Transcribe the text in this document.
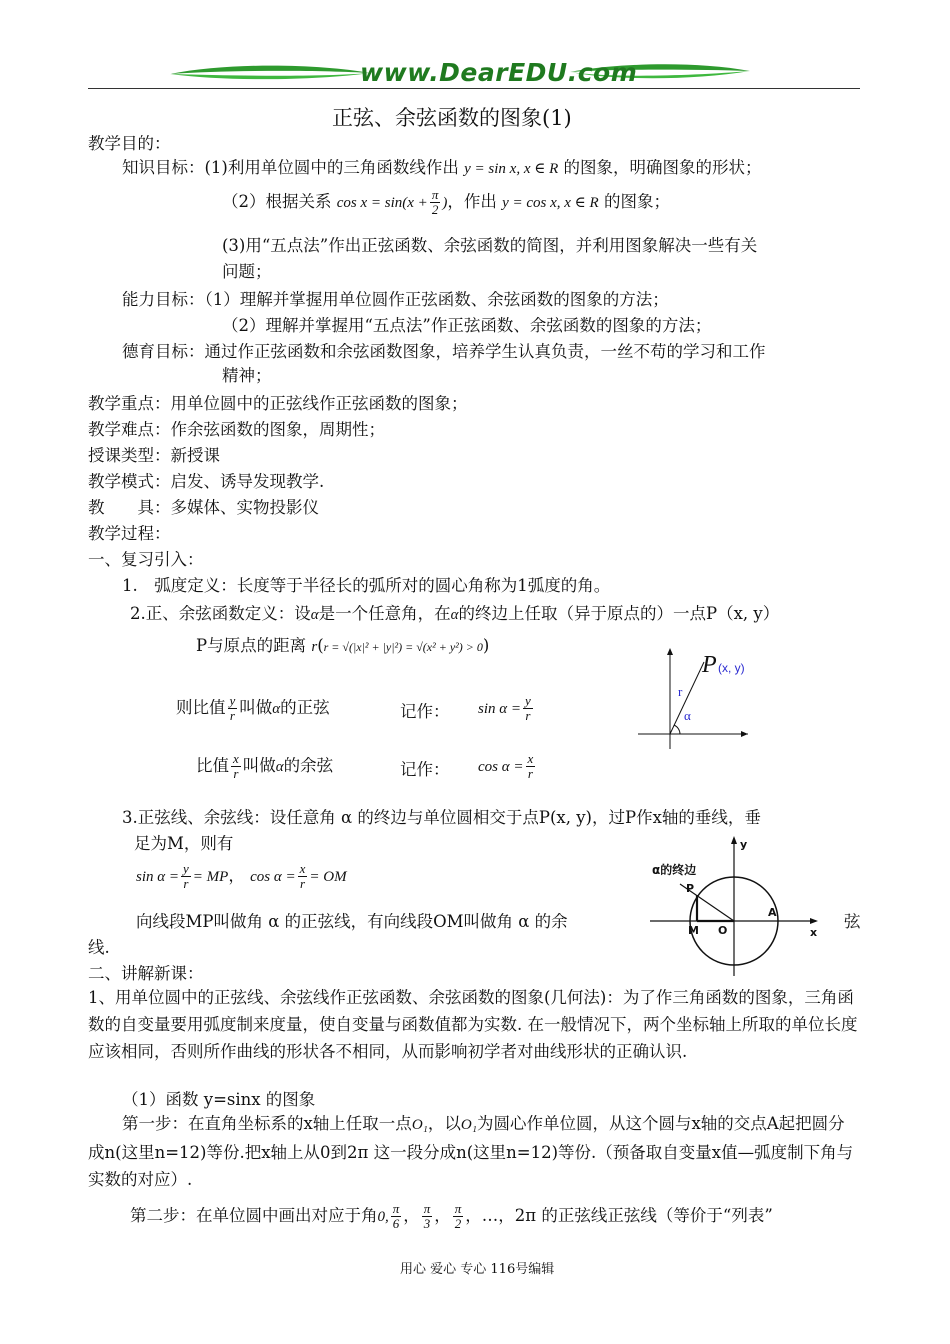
www.DearEDU.com
正弦、余弦函数的图象(1)
教学目的：
知识目标：(1)利用单位圆中的三角函数线作出 y = sin x, x ∈ R 的图象，明确图象的形状；
（2）根据关系 $\cos x = \sin(x + \frac{\pi}{2}$ )，作出 y = cos x, x ∈ R 的图象；
(3)用“五点法”作出正弦函数、余弦函数的简图，并利用图象解决一些有关
问题；
能力目标：（1）理解并掌握用单位圆作正弦函数、余弦函数的图象的方法；
（2）理解并掌握用“五点法”作正弦函数、余弦函数的图象的方法；
德育目标：通过作正弦函数和余弦函数图象，培养学生认真负责，一丝不苟的学习和工作
精神；
教学重点：用单位圆中的正弦线作正弦函数的图象；
教学难点：作余弦函数的图象，周期性；
授课类型：新授课
教学模式：启发、诱导发现教学.
教　　具：多媒体、实物投影仪
教学过程：
一、复习引入：
1.　弧度定义：长度等于半径长的弧所对的圆心角称为1弧度的角。
2.正、余弦函数定义：设α是一个任意角，在α的终边上任取（异于原点的）一点P（x, y）
P与原点的距离 r(r = √(|x|² + |y|²) = √(x² + y²) > 0)
则比值 $\frac{y}{r}$ 叫做α的正弦	记作： $\sin \alpha = \frac{y}{r}$
比值 $\frac{x}{r}$ 叫做α的余弦	记作： $\cos \alpha = \frac{x}{r}$
P (x, y)
r
α
3.正弦线、余弦线：设任意角 α 的终边与单位圆相交于点P(x, y)，过P作x轴的垂线，垂
足为M，则有
$\sin \alpha = \frac{y}{r}$ = MP， $\cos \alpha = \frac{x}{r}$ = OM
向线段MP叫做角 α 的正弦线，有向线段OM叫做角 α 的余	弦
线.
α的终边
y
x
P
A
M O
二、讲解新课：
1、用单位圆中的正弦线、余弦线作正弦函数、余弦函数的图象(几何法)：为了作三角函数的图象，三角函数的自变量要用弧度制来度量，使自变量与函数值都为实数. 在一般情况下，两个坐标轴上所取的单位长度应该相同，否则所作曲线的形状各不相同，从而影响初学者对曲线形状的正确认识.
（1）函数 y=sinx 的图象
第一步：在直角坐标系的x轴上任取一点O₁，以O₁为圆心作单位圆，从这个圆与x轴的交点A起把圆分成n(这里n=12)等份.把x轴上从0到2π 这一段分成n(这里n=12)等份.（预备取自变量x值—弧度制下角与实数的对应）.
第二步：在单位圆中画出对应于角0, $\frac{\pi}{6}$ ， $\frac{\pi}{3}$ ， $\frac{\pi}{2}$ ，…，2π 的正弦线正弦线（等价于“列表”
用心 爱心 专心 116号编辑
